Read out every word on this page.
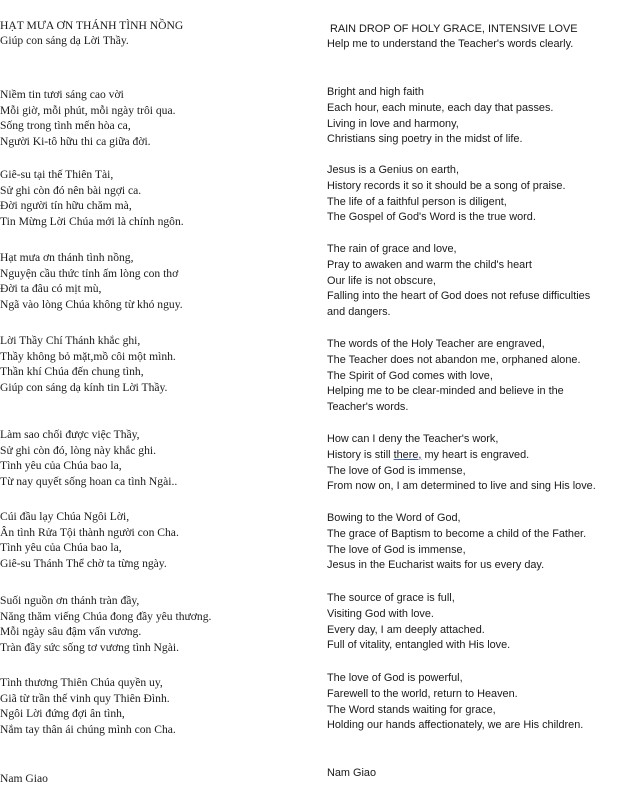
HẠT MƯA ƠN THÁNH TÌNH NỒNG
Giúp con sáng dạ Lời Thầy.
Niềm tin tươi sáng cao vời
Mỗi giờ, mỗi phút, mỗi ngày trôi qua.
Sống trong tình mến hòa ca,
Người Ki-tô hữu thi ca giữa đời.
Giê-su tại thế Thiên Tài,
Sử ghi còn đó nên bài ngợi ca.
Đời người tín hữu chăm mà,
Tin Mừng Lời Chúa mới là chính ngôn.
Hạt mưa ơn thánh tình nồng,
Nguyện cầu thức tỉnh ấm lòng con thơ
Đời ta đâu có mịt mù,
Ngã vào lòng Chúa không từ khó nguy.
Lời Thầy Chí Thánh khắc ghi,
Thầy không bỏ mặt,mồ côi một mình.
Thần khí Chúa đến chung tình,
Giúp con sáng dạ kính tin Lời Thầy.
Làm sao chối được việc Thầy,
Sử ghi còn đó, lòng này khắc ghi.
Tình yêu của Chúa bao la,
Từ nay quyết sống hoan ca tình Ngài..
Cúi đầu lạy Chúa Ngôi Lời,
Ân tình Rửa Tội thành người con Cha.
Tình yêu của Chúa bao la,
Giê-su Thánh Thể chờ ta từng ngày.
Suối nguồn ơn thánh tràn đầy,
Năng thăm viếng Chúa đong đầy yêu thương.
Mỗi ngày sâu đậm vấn vương.
Tràn đầy sức sống tơ vương tình Ngài.
Tình thương Thiên Chúa quyền uy,
Giã từ trần thế vinh quy Thiên Đình.
Ngôi Lời đứng đợi ân tình,
Nắm tay thân ái chúng mình con Cha.
Nam Giao
RAIN DROP OF HOLY GRACE, INTENSIVE LOVE
Help me to understand the Teacher's words clearly.
Bright and high faith
Each hour, each minute, each day that passes.
Living in love and harmony,
Christians sing poetry in the midst of life.
Jesus is a Genius on earth,
History records it so it should be a song of praise.
The life of a faithful person is diligent,
The Gospel of God's Word is the true word.
The rain of grace and love,
Pray to awaken and warm the child's heart
Our life is not obscure,
Falling into the heart of God does not refuse difficulties
and dangers.
The words of the Holy Teacher are engraved,
The Teacher does not abandon me, orphaned alone.
The Spirit of God comes with love,
Helping me to be clear-minded and believe in the
Teacher's words.
How can I deny the Teacher's work,
History is still there, my heart is engraved.
The love of God is immense,
From now on, I am determined to live and sing His love.
Bowing to the Word of God,
The grace of Baptism to become a child of the Father.
The love of God is immense,
Jesus in the Eucharist waits for us every day.
The source of grace is full,
Visiting God with love.
Every day, I am deeply attached.
Full of vitality, entangled with His love.
The love of God is powerful,
Farewell to the world, return to Heaven.
The Word stands waiting for grace,
Holding our hands affectionately, we are His children.
Nam Giao
